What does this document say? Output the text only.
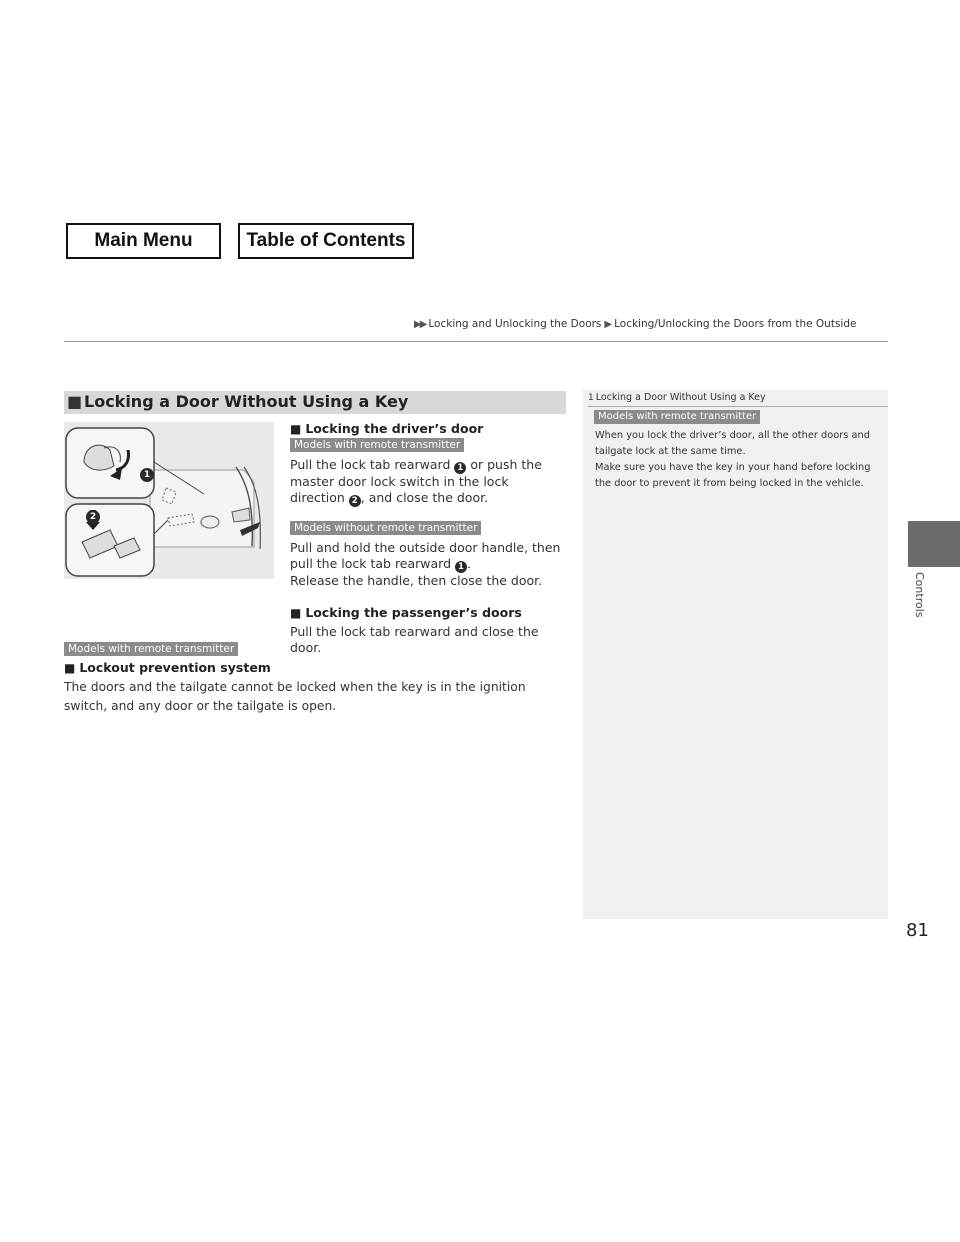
Main Menu	Table of Contents
▶▶ Locking and Unlocking the Doors ▶ Locking/Unlocking the Doors from the Outside
■ Locking a Door Without Using a Key
1
2
■ Locking the driver’s door
Models with remote transmitter
Pull the lock tab rearward 1 or push the master door lock switch in the lock direction 2 , and close the door.
Models without remote transmitter
Pull and hold the outside door handle, then pull the lock tab rearward 1 .
Release the handle, then close the door.
■ Locking the passenger’s doors
Pull the lock tab rearward and close the door.
Models with remote transmitter
■ Lockout prevention system
The doors and the tailgate cannot be locked when the key is in the ignition switch, and any door or the tailgate is open.
1 Locking a Door Without Using a Key
Models with remote transmitter
When you lock the driver’s door, all the other doors and tailgate lock at the same time.
Make sure you have the key in your hand before locking the door to prevent it from being locked in the vehicle.
Controls
81
